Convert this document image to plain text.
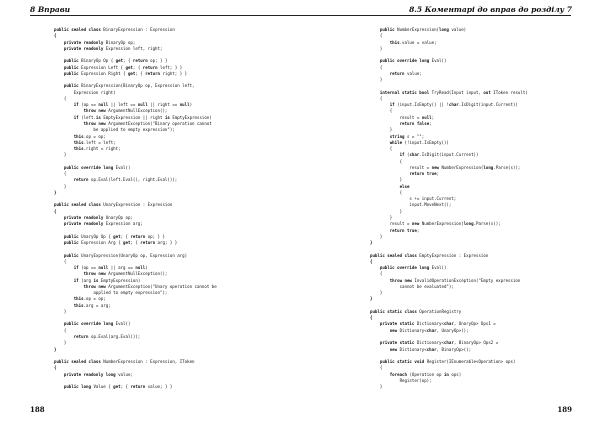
8 Вправи	8.5 Коментарі до вправ до розділу 7
public sealed class BinaryExpression : Expression
{
private readonly BinaryOp op;
private readonly Expression left, right;

public BinaryOp Op { get; { return op; } }
public Expression Left { get; { return left; } }
public Expression Right { get; { return right; } }

public BinaryExpression(BinaryOp op, Expression left,
Expression right)
{
if (op == null || left == null || right == null)
throw new ArgumentNullException();
if (left.is EmptyExpression || right is EmptyExpression)
throw new ArgumentException("Binary operation cannot
be applied to empty expression");
this.op = op;
this.left = left;
this.right = right;
}

public override long Eval()
{
return op.Eval(left.Eval(), right.Eval());
}
}

public sealed class UnaryExpression : Expression
{
private readonly UnaryOp op;
private readonly Expression arg;

public UnaryOp Op { get; { return op; } }
public Expression Arg { get; { return arg; } }

public UnaryExpression(UnaryOp op, Expression arg)
{
if (op == null || arg == null)
throw new ArgumentNullException();
if (arg is EmptyExpression)
throw new ArgumentException("Unary operation cannot be
applied to empty expression");
this.op = op;
this.arg = arg;
}

public override long Eval()
{
return op.Eval(arg.Eval());
}
}

public sealed class NumberExpression : Expression, IToken
{
private readonly long value;

public long Value { get; { return value; } }
public NumberExpression(long value)
{
this.value = value;
}

public override long Eval()
{
return value;
}

internal static bool TryRead(Input input, out IToken result)
{
if (input.IsEmpty() || !char.IsDigit(input.Current))
{
result = null;
return false;
}
string s = "";
while (!input.IsEmpty())
{
if (char.IsDigit(input.Current))
{
result = new NumberExpression(long.Parse(s));
return true;
}
else
{
s += input.Current;
input.MoveNext();
}
}
result = new NumberExpression(long.Parse(s));
return true;
}
}

public sealed class EmptyExpression : Expression
{
public override long Eval()
{
throw new InvalidOperationException("Empty expression
cannot be evaluated");
}
}

public static class OperationRegistry
{
private static Dictionary<char, UnaryOp> Ops1 =
new Dictionary<char, UnaryOp>();

private static Dictionary<char, BinaryOp> Ops2 =
new Dictionary<char, BinaryOp>();

public static void Register(IEnumerable<Operation> ops)
{
foreach (Operation op in ops)
Register(op);
}
188	189
